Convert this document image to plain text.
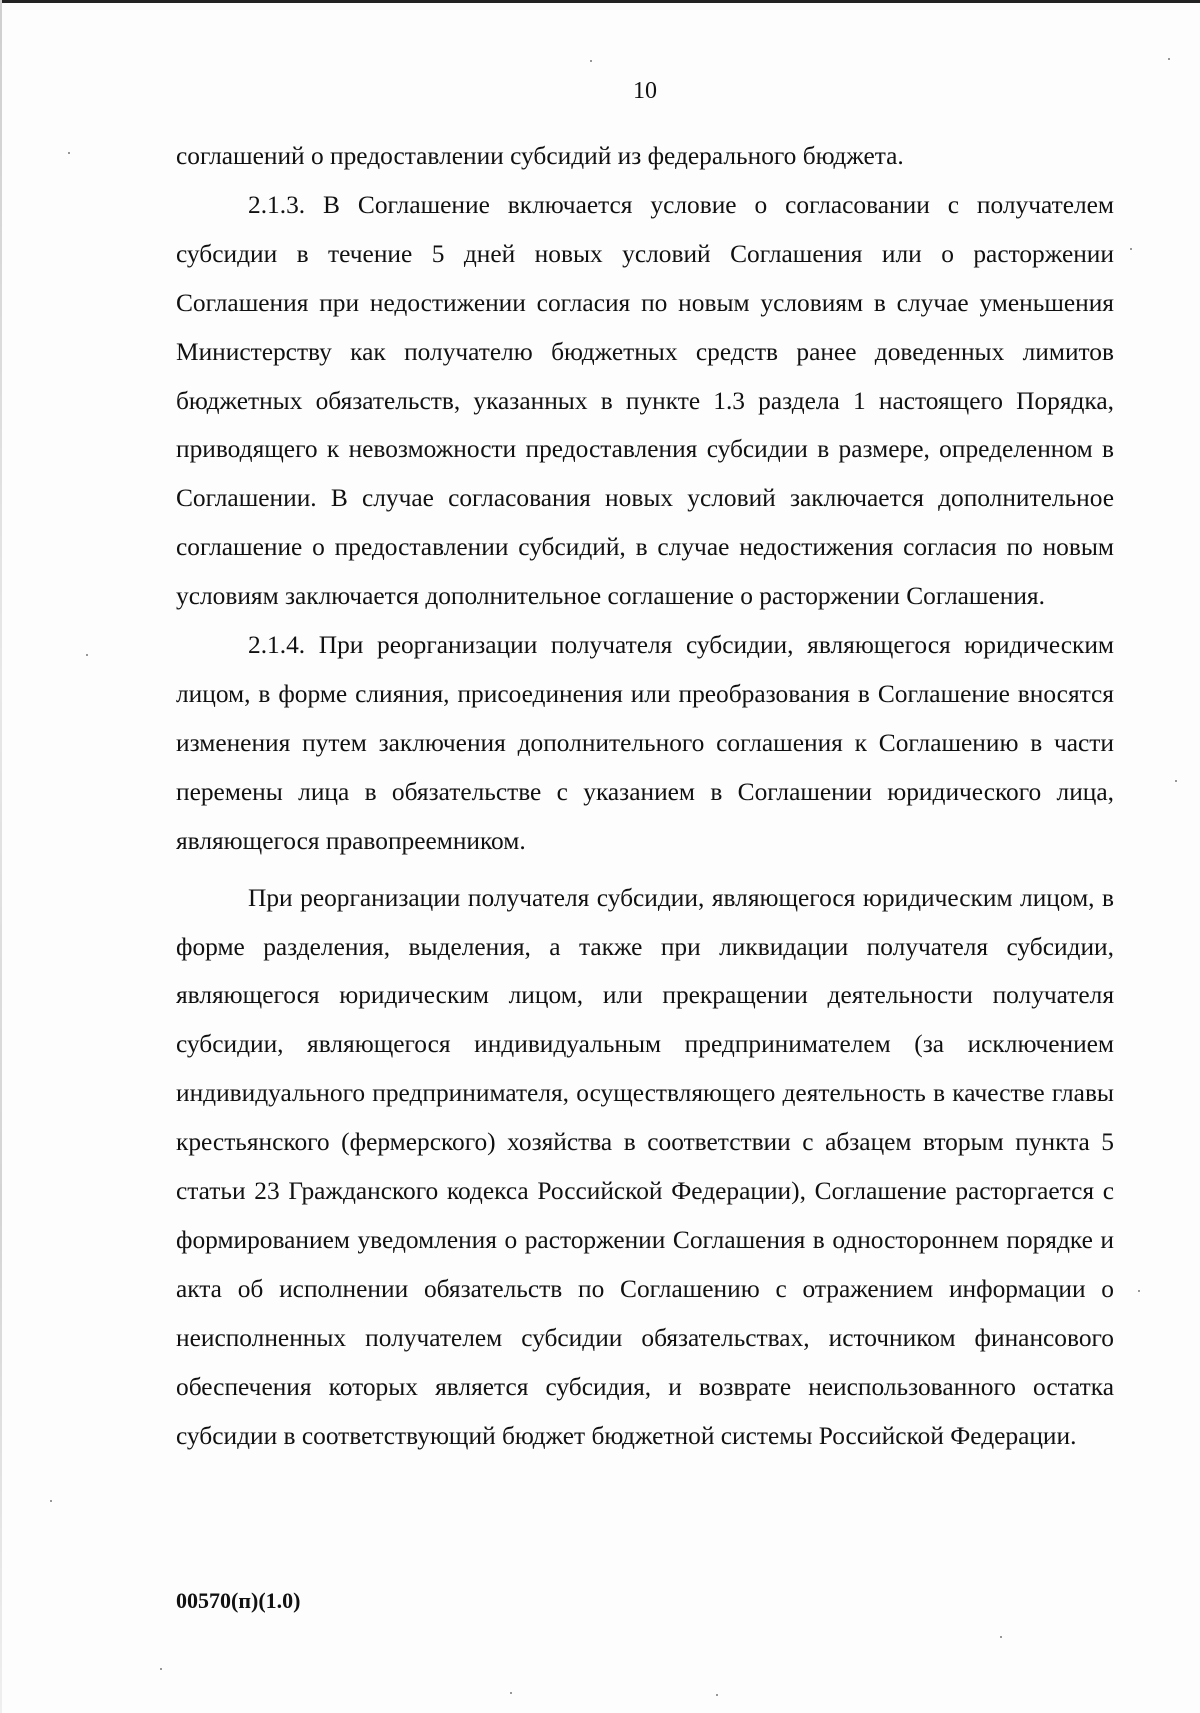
10

соглашений о предоставлении субсидий из федерального бюджета.

2.1.3. В Соглашение включается условие о согласовании с получателем субсидии в течение 5 дней новых условий Соглашения или о расторжении Соглашения при недостижении согласия по новым условиям в случае уменьшения Министерству как получателю бюджетных средств ранее доведенных лимитов бюджетных обязательств, указанных в пункте 1.3 раздела 1 настоящего Порядка, приводящего к невозможности предоставления субсидии в размере, определенном в Соглашении. В случае согласования новых условий заключается дополнительное соглашение о предоставлении субсидий, в случае недостижения согласия по новым условиям заключается дополнительное соглашение о расторжении Соглашения.

2.1.4. При реорганизации получателя субсидии, являющегося юридическим лицом, в форме слияния, присоединения или преобразования в Соглашение вносятся изменения путем заключения дополнительного соглашения к Соглашению в части перемены лица в обязательстве с указанием в Соглашении юридического лица, являющегося правопреемником.

При реорганизации получателя субсидии, являющегося юридическим лицом, в форме разделения, выделения, а также при ликвидации получателя субсидии, являющегося юридическим лицом, или прекращении деятельности получателя субсидии, являющегося индивидуальным предпринимателем (за исключением индивидуального предпринимателя, осуществляющего деятельность в качестве главы крестьянского (фермерского) хозяйства в соответствии с абзацем вторым пункта 5 статьи 23 Гражданского кодекса Российской Федерации), Соглашение расторгается с формированием уведомления о расторжении Соглашения в одностороннем порядке и акта об исполнении обязательств по Соглашению с отражением информации о неисполненных получателем субсидии обязательствах, источником финансового обеспечения которых является субсидия, и возврате неиспользованного остатка субсидии в соответствующий бюджет бюджетной системы Российской Федерации.

00570(п)(1.0)
